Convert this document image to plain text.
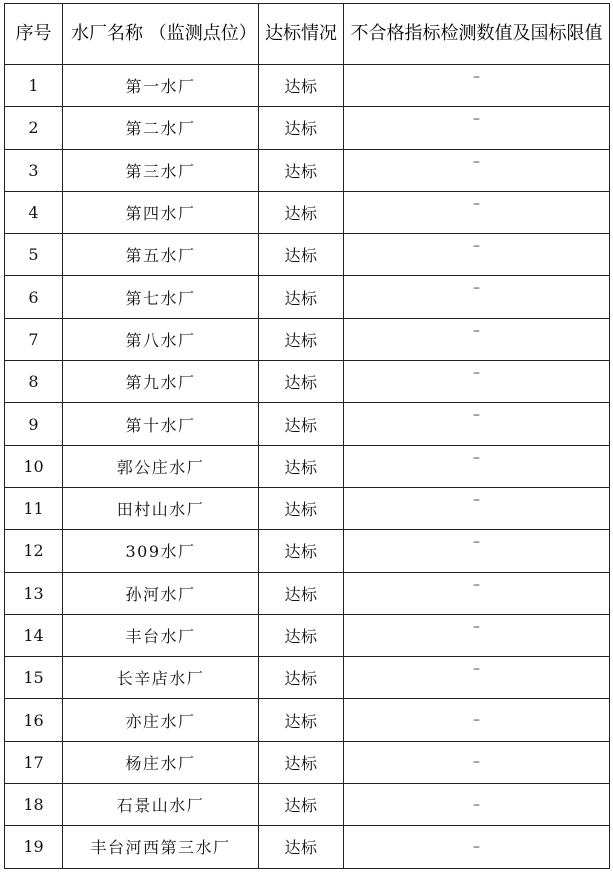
序号	水厂名称 （监测点位）	达标情况	不合格指标检测数值及国标限值
1	第一水厂	达标	–
2	第二水厂	达标	–
3	第三水厂	达标	–
4	第四水厂	达标	–
5	第五水厂	达标	–
6	第七水厂	达标	–
7	第八水厂	达标	–
8	第九水厂	达标	–
9	第十水厂	达标	–
10	郭公庄水厂	达标	–
11	田村山水厂	达标	–
12	309水厂	达标	–
13	孙河水厂	达标	–
14	丰台水厂	达标	–
15	长辛店水厂	达标	–
16	亦庄水厂	达标	–
17	杨庄水厂	达标	–
18	石景山水厂	达标	–
19	丰台河西第三水厂	达标	–
